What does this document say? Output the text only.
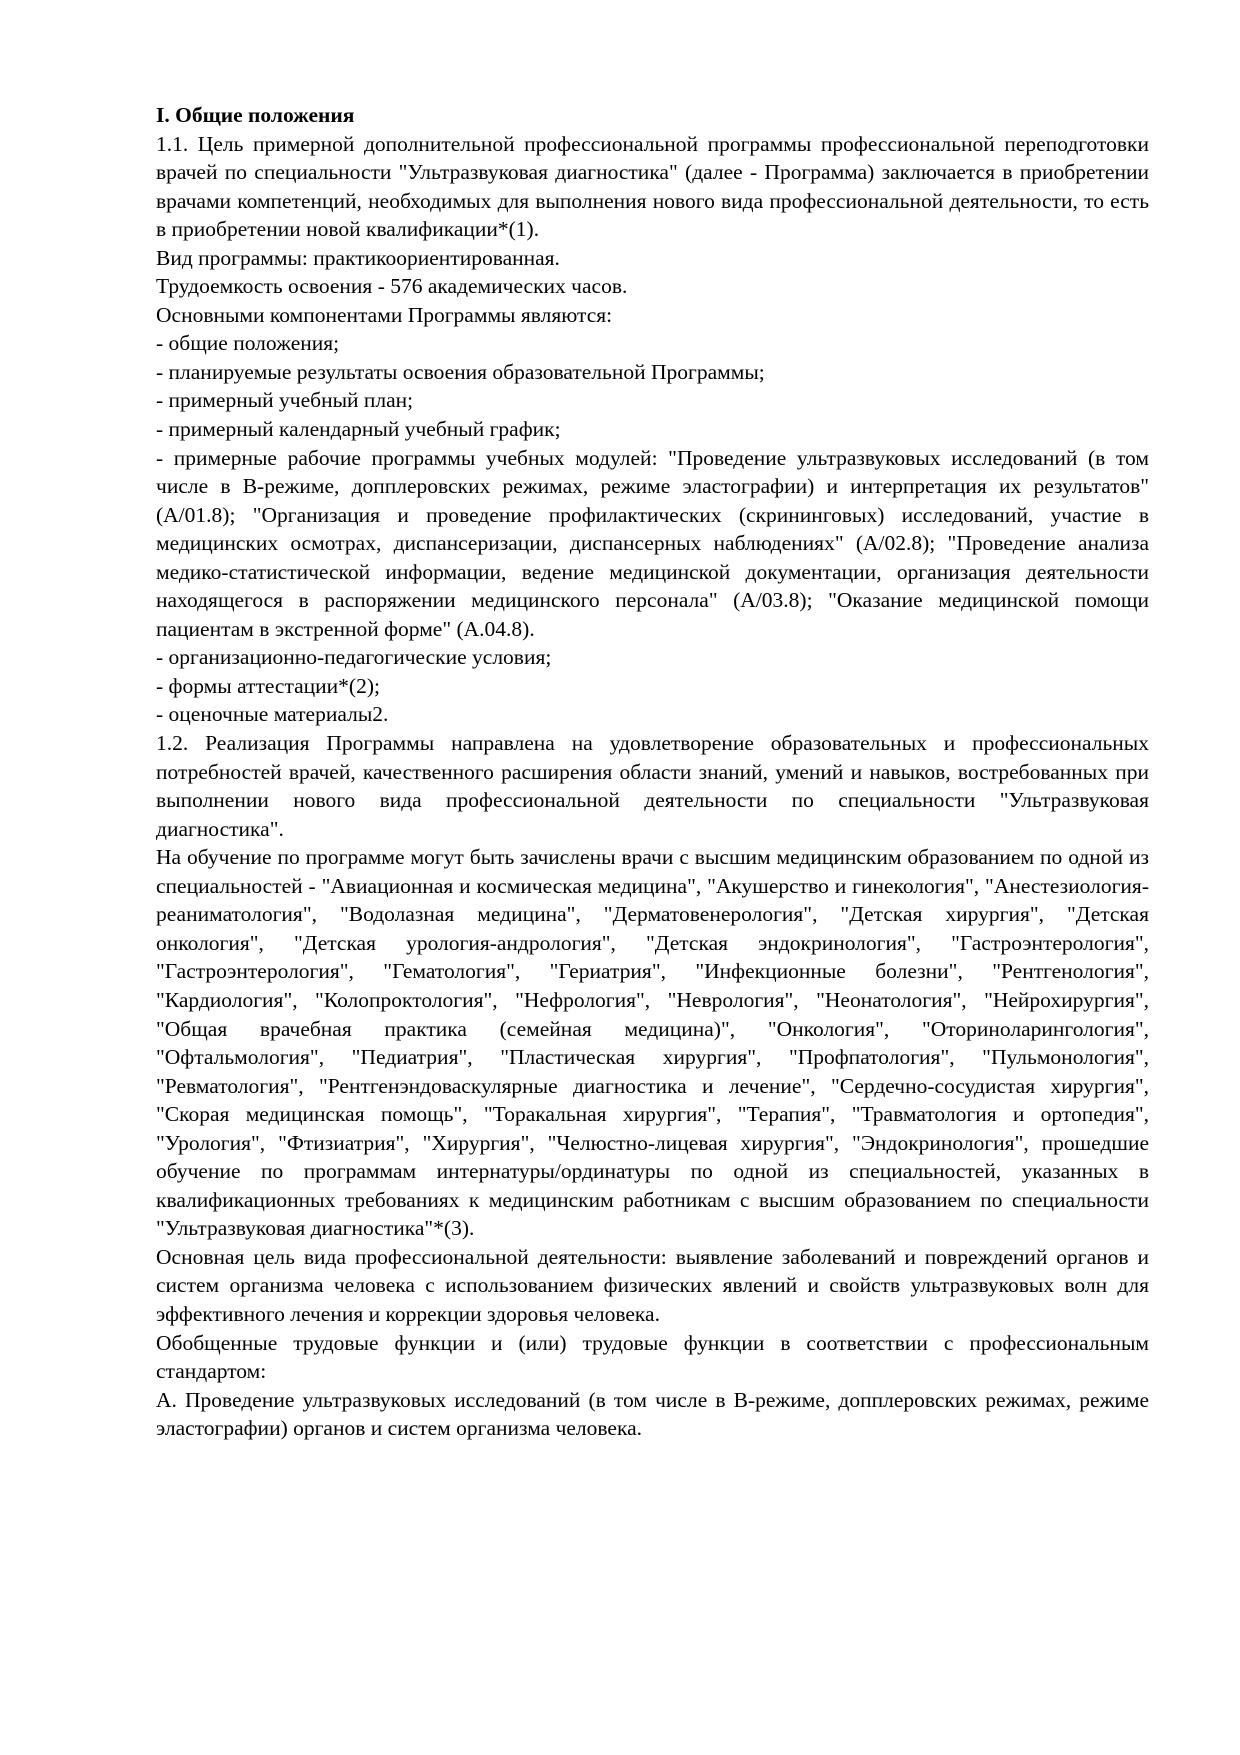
I. Общие положения

1.1. Цель примерной дополнительной профессиональной программы профессиональной переподготовки врачей по специальности "Ультразвуковая диагностика" (далее - Программа) заключается в приобретении врачами компетенций, необходимых для выполнения нового вида профессиональной деятельности, то есть в приобретении новой квалификации*(1).

Вид программы: практикоориентированная.

Трудоемкость освоения - 576 академических часов.

Основными компонентами Программы являются:

- общие положения;

- планируемые результаты освоения образовательной Программы;

- примерный учебный план;

- примерный календарный учебный график;

- примерные рабочие программы учебных модулей: "Проведение ультразвуковых исследований (в том числе в B-режиме, допплеровских режимах, режиме эластографии) и интерпретация их результатов" (А/01.8); "Организация и проведение профилактических (скрининговых) исследований, участие в медицинских осмотрах, диспансеризации, диспансерных наблюдениях" (А/02.8); "Проведение анализа медико-статистической информации, ведение медицинской документации, организация деятельности находящегося в распоряжении медицинского персонала" (А/03.8); "Оказание медицинской помощи пациентам в экстренной форме" (А.04.8).

- организационно-педагогические условия;

- формы аттестации*(2);

- оценочные материалы2.

1.2. Реализация Программы направлена на удовлетворение образовательных и профессиональных потребностей врачей, качественного расширения области знаний, умений и навыков, востребованных при выполнении нового вида профессиональной деятельности по специальности "Ультразвуковая диагностика".

На обучение по программе могут быть зачислены врачи с высшим медицинским образованием по одной из специальностей - "Авиационная и космическая медицина", "Акушерство и гинекология", "Анестезиология-реаниматология", "Водолазная медицина", "Дерматовенерология", "Детская хирургия", "Детская онкология", "Детская урология-андрология", "Детская эндокринология", "Гастроэнтерология", "Гастроэнтерология", "Гематология", "Гериатрия", "Инфекционные болезни", "Рентгенология", "Кардиология", "Колопроктология", "Нефрология", "Неврология", "Неонатология", "Нейрохирургия", "Общая врачебная практика (семейная медицина)", "Онкология", "Оториноларингология", "Офтальмология", "Педиатрия", "Пластическая хирургия", "Профпатология", "Пульмонология", "Ревматология", "Рентгенэндоваскулярные диагностика и лечение", "Сердечно-сосудистая хирургия", "Скорая медицинская помощь", "Торакальная хирургия", "Терапия", "Травматология и ортопедия", "Урология", "Фтизиатрия", "Хирургия", "Челюстно-лицевая хирургия", "Эндокринология", прошедшие обучение по программам интернатуры/ординатуры по одной из специальностей, указанных в квалификационных требованиях к медицинским работникам с высшим образованием по специальности "Ультразвуковая диагностика"*(3).

Основная цель вида профессиональной деятельности: выявление заболеваний и повреждений органов и систем организма человека с использованием физических явлений и свойств ультразвуковых волн для эффективного лечения и коррекции здоровья человека.

Обобщенные трудовые функции и (или) трудовые функции в соответствии с профессиональным стандартом:

А. Проведение ультразвуковых исследований (в том числе в B-режиме, допплеровских режимах, режиме эластографии) органов и систем организма человека.
